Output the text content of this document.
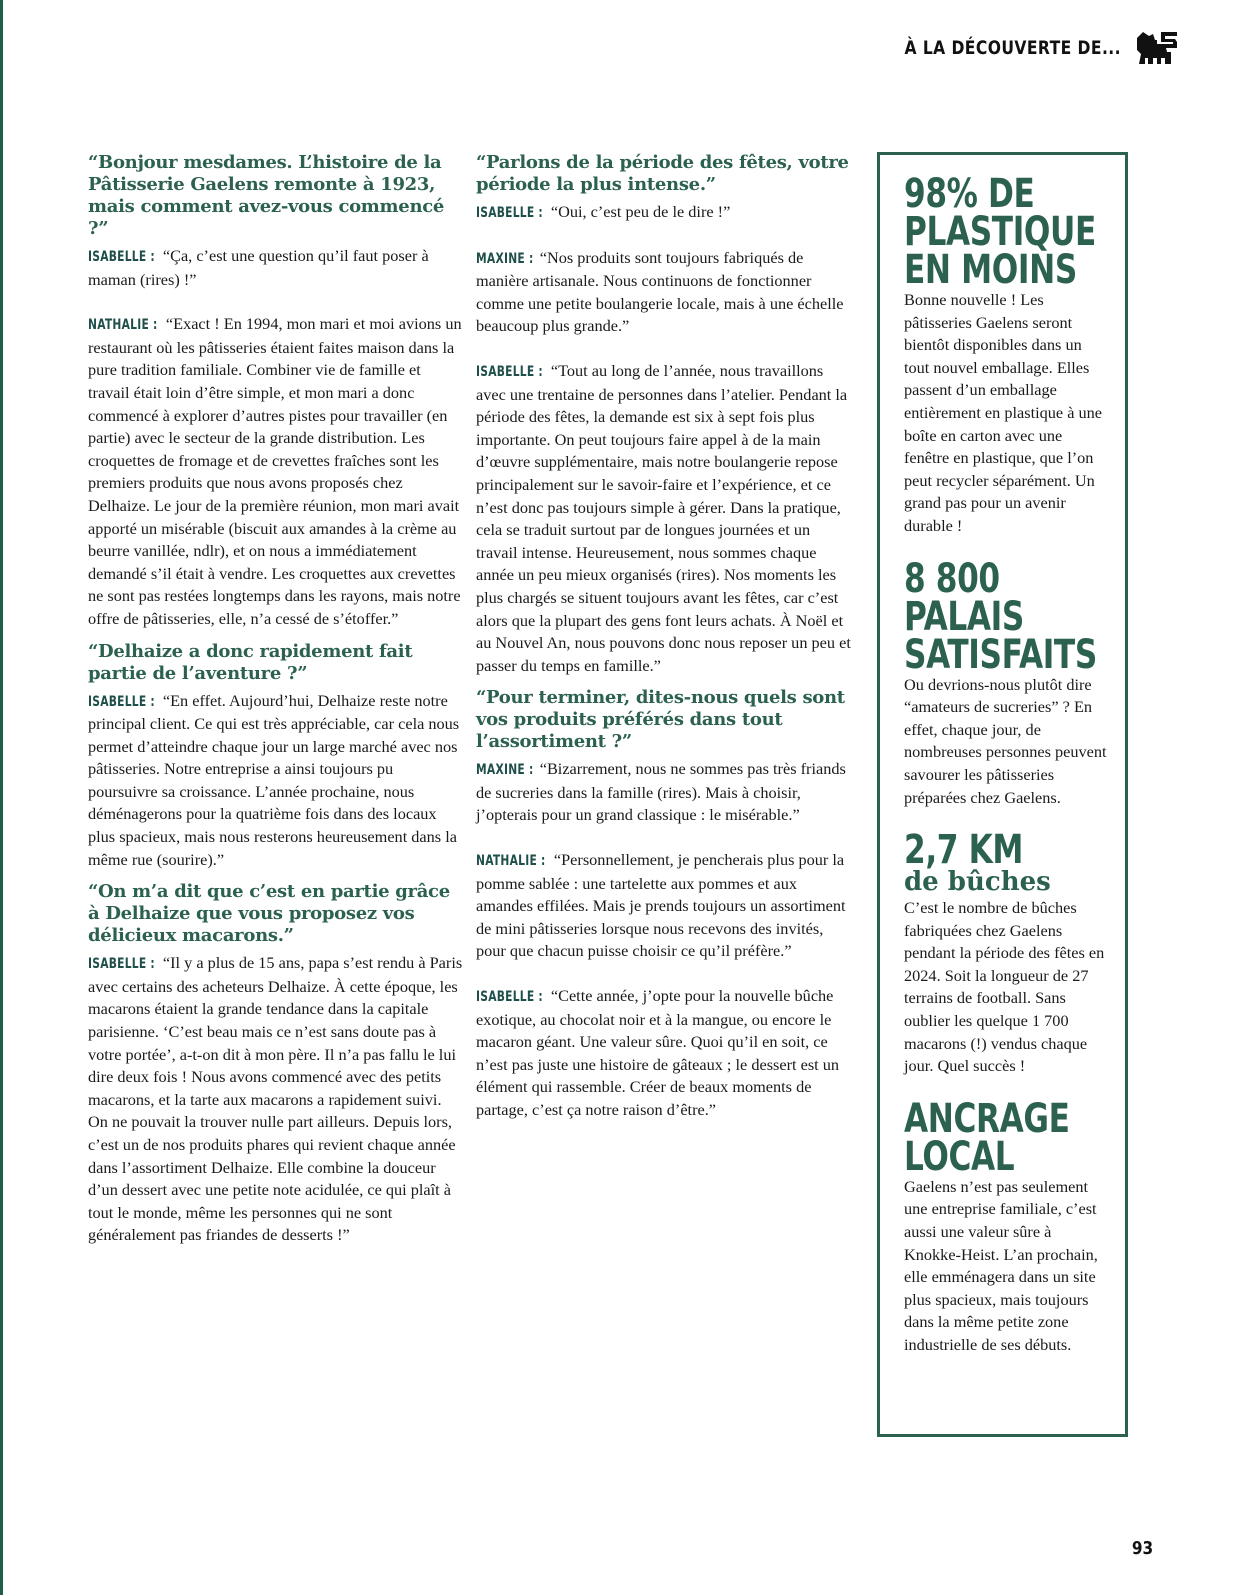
À LA DÉCOUVERTE DE...
“Bonjour mesdames. L’histoire de la Pâtisserie Gaelens remonte à 1923, mais comment avez-vous commencé ?”
ISABELLE : “Ça, c’est une question qu’il faut poser à maman (rires) !”
NATHALIE : “Exact ! En 1994, mon mari et moi avions un restaurant où les pâtisseries étaient faites maison dans la pure tradition familiale. Combiner vie de famille et travail était loin d’être simple, et mon mari a donc commencé à explorer d’autres pistes pour travailler (en partie) avec le secteur de la grande distribution. Les croquettes de fromage et de crevettes fraîches sont les premiers produits que nous avons proposés chez Delhaize. Le jour de la première réunion, mon mari avait apporté un misérable (biscuit aux amandes à la crème au beurre vanillée, ndlr), et on nous a immédiatement demandé s’il était à vendre. Les croquettes aux crevettes ne sont pas restées longtemps dans les rayons, mais notre offre de pâtisseries, elle, n’a cessé de s’étoffer.”
“Delhaize a donc rapidement fait partie de l’aventure ?”
ISABELLE : “En effet. Aujourd’hui, Delhaize reste notre principal client. Ce qui est très appréciable, car cela nous permet d’atteindre chaque jour un large marché avec nos pâtisseries. Notre entreprise a ainsi toujours pu poursuivre sa croissance. L’année prochaine, nous déménagerons pour la quatrième fois dans des locaux plus spacieux, mais nous resterons heureusement dans la même rue (sourire).”
“On m’a dit que c’est en partie grâce à Delhaize que vous proposez vos délicieux macarons.”
ISABELLE : “Il y a plus de 15 ans, papa s’est rendu à Paris avec certains des acheteurs Delhaize. À cette époque, les macarons étaient la grande tendance dans la capitale parisienne. ‘C’est beau mais ce n’est sans doute pas à votre portée’, a-t-on dit à mon père. Il n’a pas fallu le lui dire deux fois ! Nous avons commencé avec des petits macarons, et la tarte aux macarons a rapidement suivi. On ne pouvait la trouver nulle part ailleurs. Depuis lors, c’est un de nos produits phares qui revient chaque année dans l’assortiment Delhaize. Elle combine la douceur d’un dessert avec une petite note acidulée, ce qui plaît à tout le monde, même les personnes qui ne sont généralement pas friandes de desserts !”
“Parlons de la période des fêtes, votre période la plus intense.”
ISABELLE : “Oui, c’est peu de le dire !”
MAXINE : “Nos produits sont toujours fabriqués de manière artisanale. Nous continuons de fonctionner comme une petite boulangerie locale, mais à une échelle beaucoup plus grande.”
ISABELLE : “Tout au long de l’année, nous travaillons avec une trentaine de personnes dans l’atelier. Pendant la période des fêtes, la demande est six à sept fois plus importante. On peut toujours faire appel à de la main d’œuvre supplémentaire, mais notre boulangerie repose principalement sur le savoir-faire et l’expérience, et ce n’est donc pas toujours simple à gérer. Dans la pratique, cela se traduit surtout par de longues journées et un travail intense. Heureusement, nous sommes chaque année un peu mieux organisés (rires). Nos moments les plus chargés se situent toujours avant les fêtes, car c’est alors que la plupart des gens font leurs achats. À Noël et au Nouvel An, nous pouvons donc nous reposer un peu et passer du temps en famille.”
“Pour terminer, dites-nous quels sont vos produits préférés dans tout l’assortiment ?”
MAXINE : “Bizarrement, nous ne sommes pas très friands de sucreries dans la famille (rires). Mais à choisir, j’opterais pour un grand classique : le misérable.”
NATHALIE : “Personnellement, je pencherais plus pour la pomme sablée : une tartelette aux pommes et aux amandes effilées. Mais je prends toujours un assortiment de mini pâtisseries lorsque nous recevons des invités, pour que chacun puisse choisir ce qu’il préfère.”
ISABELLE : “Cette année, j’opte pour la nouvelle bûche exotique, au chocolat noir et à la mangue, ou encore le macaron géant. Une valeur sûre. Quoi qu’il en soit, ce n’est pas juste une histoire de gâteaux ; le dessert est un élément qui rassemble. Créer de beaux moments de partage, c’est ça notre raison d’être.”
98% DE PLASTIQUE EN MOINS
Bonne nouvelle ! Les pâtisseries Gaelens seront bientôt disponibles dans un tout nouvel emballage. Elles passent d’un emballage entièrement en plastique à une boîte en carton avec une fenêtre en plastique, que l’on peut recycler séparément. Un grand pas pour un avenir durable !
8 800 PALAIS SATISFAITS
Ou devrions-nous plutôt dire “amateurs de sucreries” ? En effet, chaque jour, de nombreuses personnes peuvent savourer les pâtisseries préparées chez Gaelens.
2,7 KM
de bûches
C’est le nombre de bûches fabriquées chez Gaelens pendant la période des fêtes en 2024. Soit la longueur de 27 terrains de football. Sans oublier les quelque 1 700 macarons (!) vendus chaque jour. Quel succès !
ANCRAGE LOCAL
Gaelens n’est pas seulement une entreprise familiale, c’est aussi une valeur sûre à Knokke-Heist. L’an prochain, elle emménagera dans un site plus spacieux, mais toujours dans la même petite zone industrielle de ses débuts.
93
